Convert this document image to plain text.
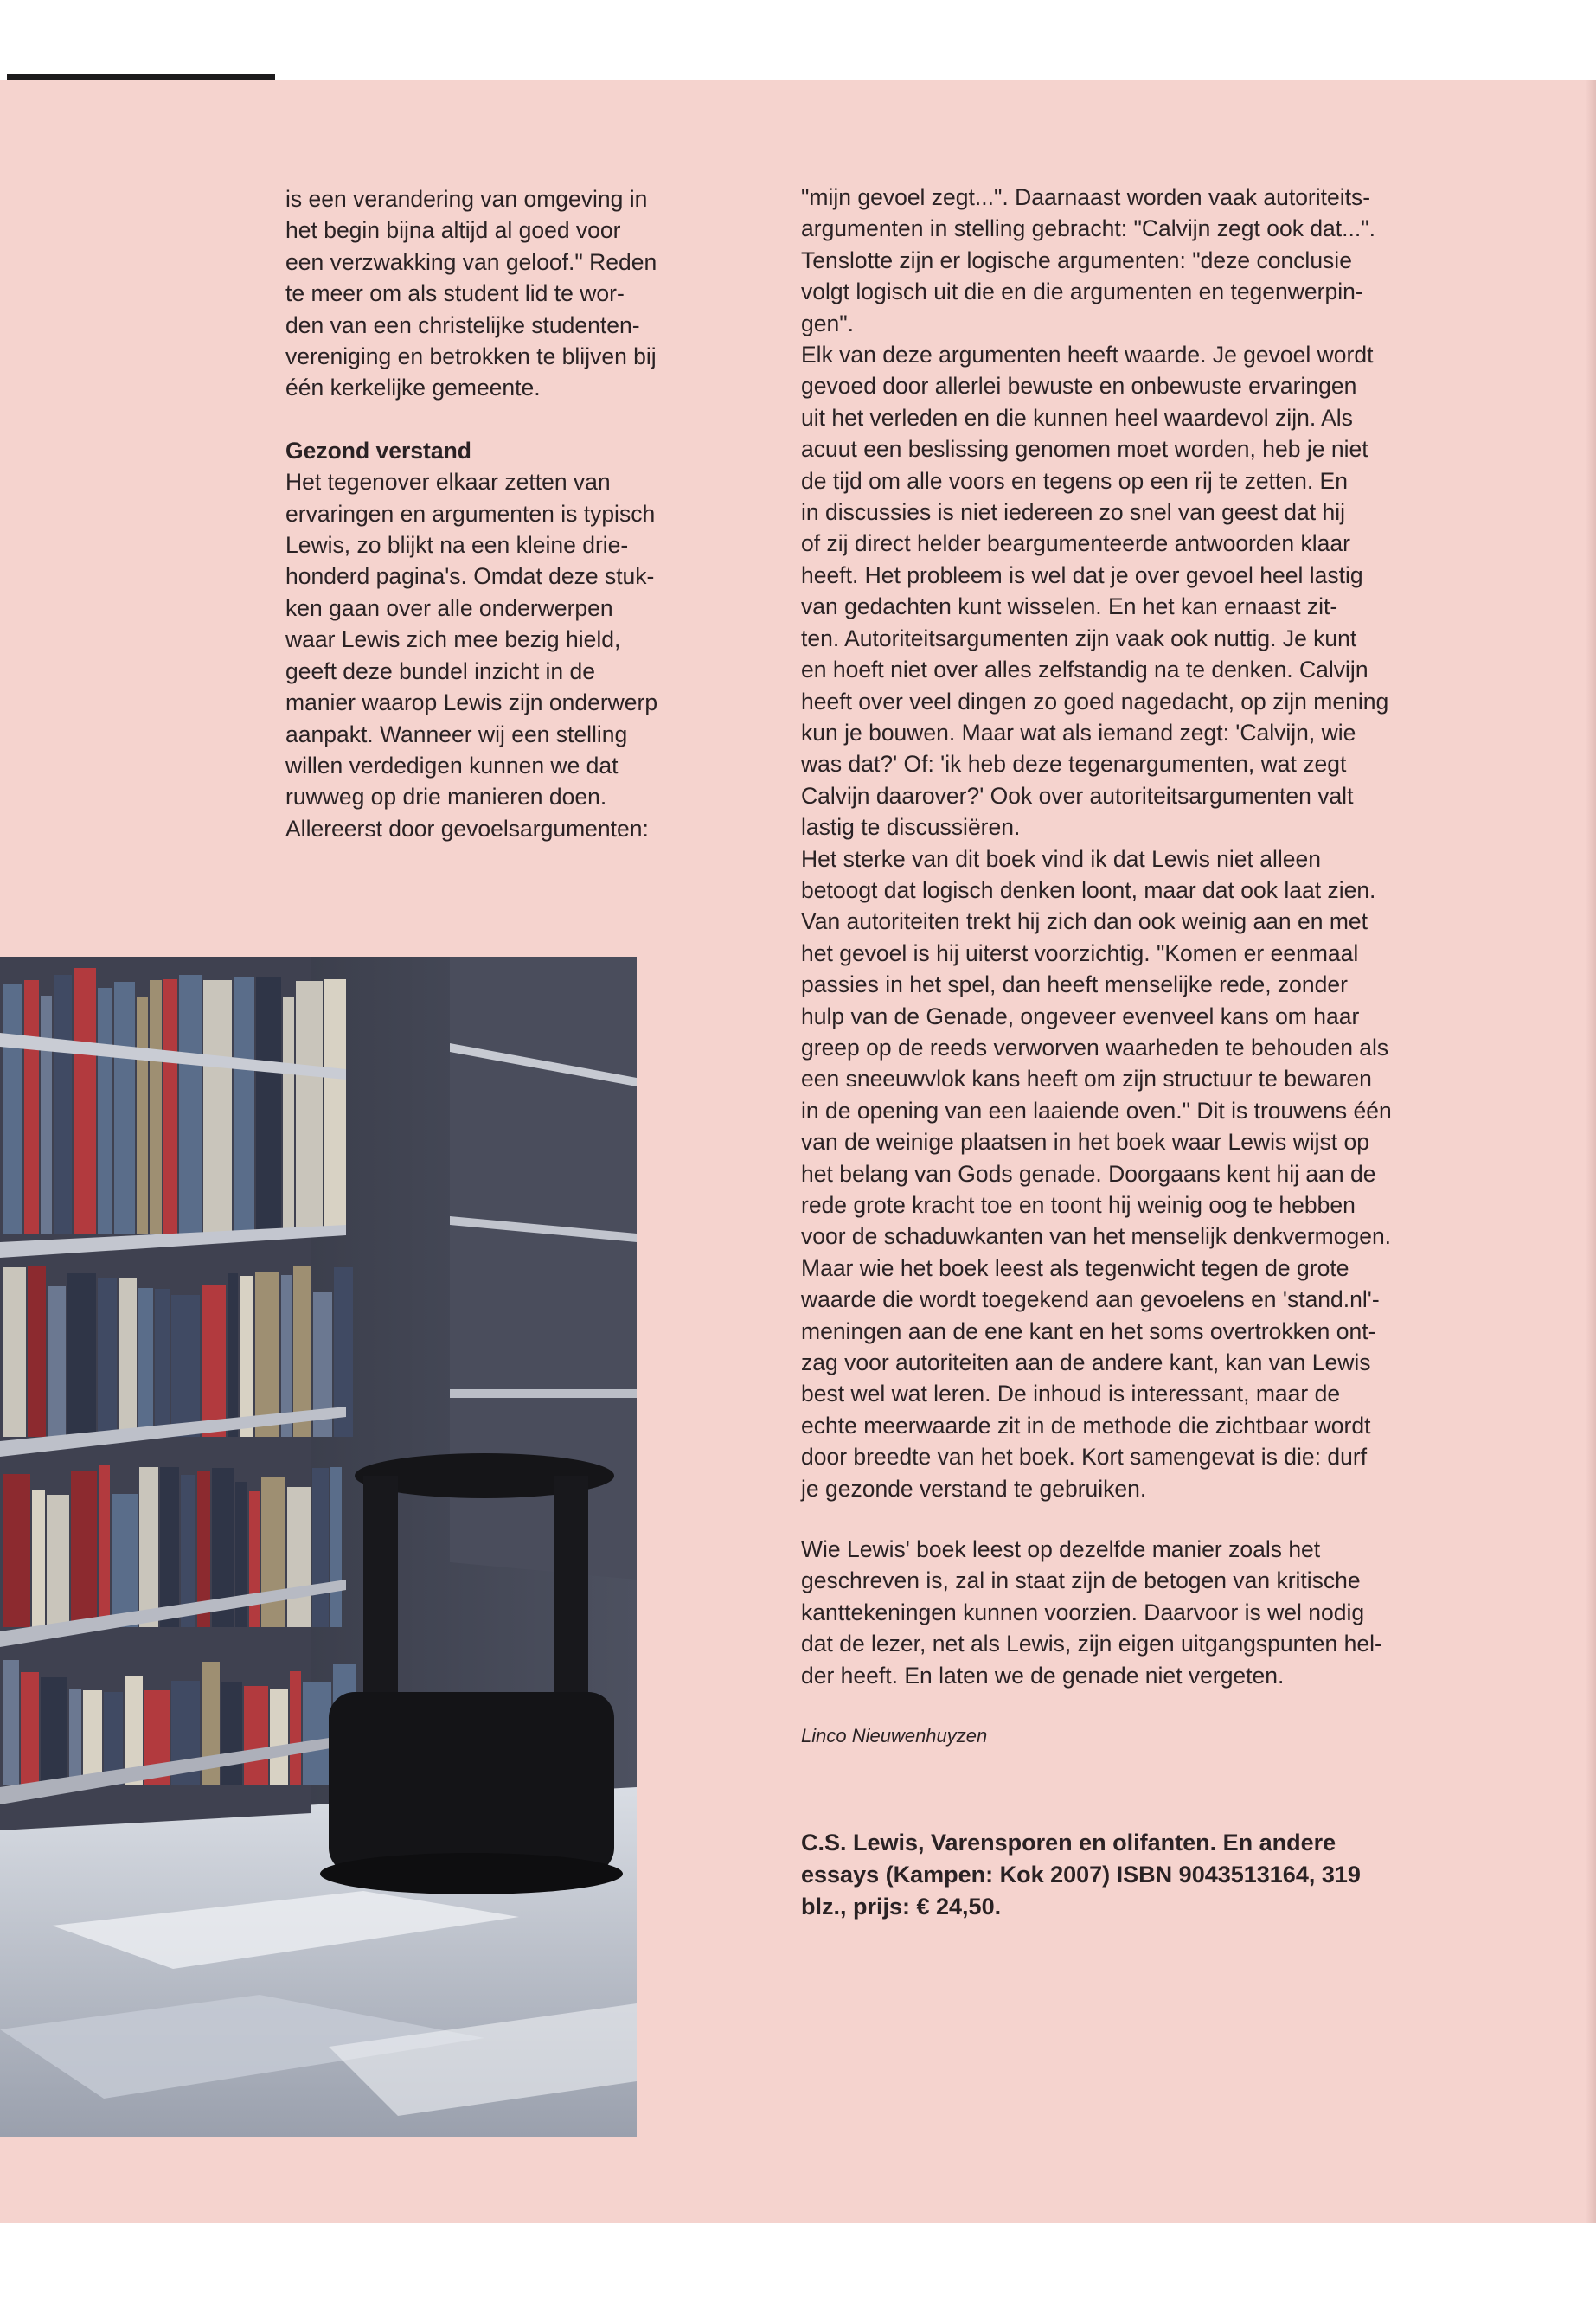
is een verandering van omgeving in

het begin bijna altijd al goed voor

een verzwakking van geloof." Reden

te meer om als student lid te wor-

den van een christelijke studenten-

vereniging en betrokken te blijven bij

één kerkelijke gemeente.

Gezond verstand

Het tegenover elkaar zetten van

ervaringen en argumenten is typisch

Lewis, zo blijkt na een kleine drie-

honderd pagina's. Omdat deze stuk-

ken gaan over alle onderwerpen

waar Lewis zich mee bezig hield,

geeft deze bundel inzicht in de

manier waarop Lewis zijn onderwerp

aanpakt. Wanneer wij een stelling

willen verdedigen kunnen we dat

ruwweg op drie manieren doen.

Allereerst door gevoelsargumenten:

"mijn gevoel zegt...". Daarnaast worden vaak autoriteits-

argumenten in stelling gebracht: "Calvijn zegt ook dat...".

Tenslotte zijn er logische argumenten: "deze conclusie

volgt logisch uit die en die argumenten en tegenwerpin-

gen".

Elk van deze argumenten heeft waarde. Je gevoel wordt

gevoed door allerlei bewuste en onbewuste ervaringen

uit het verleden en die kunnen heel waardevol zijn. Als

acuut een beslissing genomen moet worden, heb je niet

de tijd om alle voors en tegens op een rij te zetten. En

in discussies is niet iedereen zo snel van geest dat hij

of zij direct helder beargumenteerde antwoorden klaar

heeft. Het probleem is wel dat je over gevoel heel lastig

van gedachten kunt wisselen. En het kan ernaast zit-

ten. Autoriteitsargumenten zijn vaak ook nuttig. Je kunt

en hoeft niet over alles zelfstandig na te denken. Calvijn

heeft over veel dingen zo goed nagedacht, op zijn mening

kun je bouwen. Maar wat als iemand zegt: 'Calvijn, wie

was dat?' Of: 'ik heb deze tegenargumenten, wat zegt

Calvijn daarover?' Ook over autoriteitsargumenten valt

lastig te discussiëren.

Het sterke van dit boek vind ik dat Lewis niet alleen

betoogt dat logisch denken loont, maar dat ook laat zien.

Van autoriteiten trekt hij zich dan ook weinig aan en met

het gevoel is hij uiterst voorzichtig. "Komen er eenmaal

passies in het spel, dan heeft menselijke rede, zonder

hulp van de Genade, ongeveer evenveel kans om haar

greep op de reeds verworven waarheden te behouden als

een sneeuwvlok kans heeft om zijn structuur te bewaren

in de opening van een laaiende oven." Dit is trouwens één

van de weinige plaatsen in het boek waar Lewis wijst op

het belang van Gods genade. Doorgaans kent hij aan de

rede grote kracht toe en toont hij weinig oog te hebben

voor de schaduwkanten van het menselijk denkvermogen.

Maar wie het boek leest als tegenwicht tegen de grote

waarde die wordt toegekend aan gevoelens en 'stand.nl'-

meningen aan de ene kant en het soms overtrokken ont-

zag voor autoriteiten aan de andere kant, kan van Lewis

best wel wat leren. De inhoud is interessant, maar de

echte meerwaarde zit in de methode die zichtbaar wordt

door breedte van het boek. Kort samengevat is die: durf

je gezonde verstand te gebruiken.

Wie Lewis' boek leest op dezelfde manier zoals het

geschreven is, zal in staat zijn de betogen van kritische

kanttekeningen kunnen voorzien. Daarvoor is wel nodig

dat de lezer, net als Lewis, zijn eigen uitgangspunten hel-

der heeft. En laten we de genade niet vergeten.

Linco Nieuwenhuyzen

C.S. Lewis, Varensporen en olifanten. En andere

essays (Kampen: Kok 2007) ISBN 9043513164, 319

blz., prijs: € 24,50.
